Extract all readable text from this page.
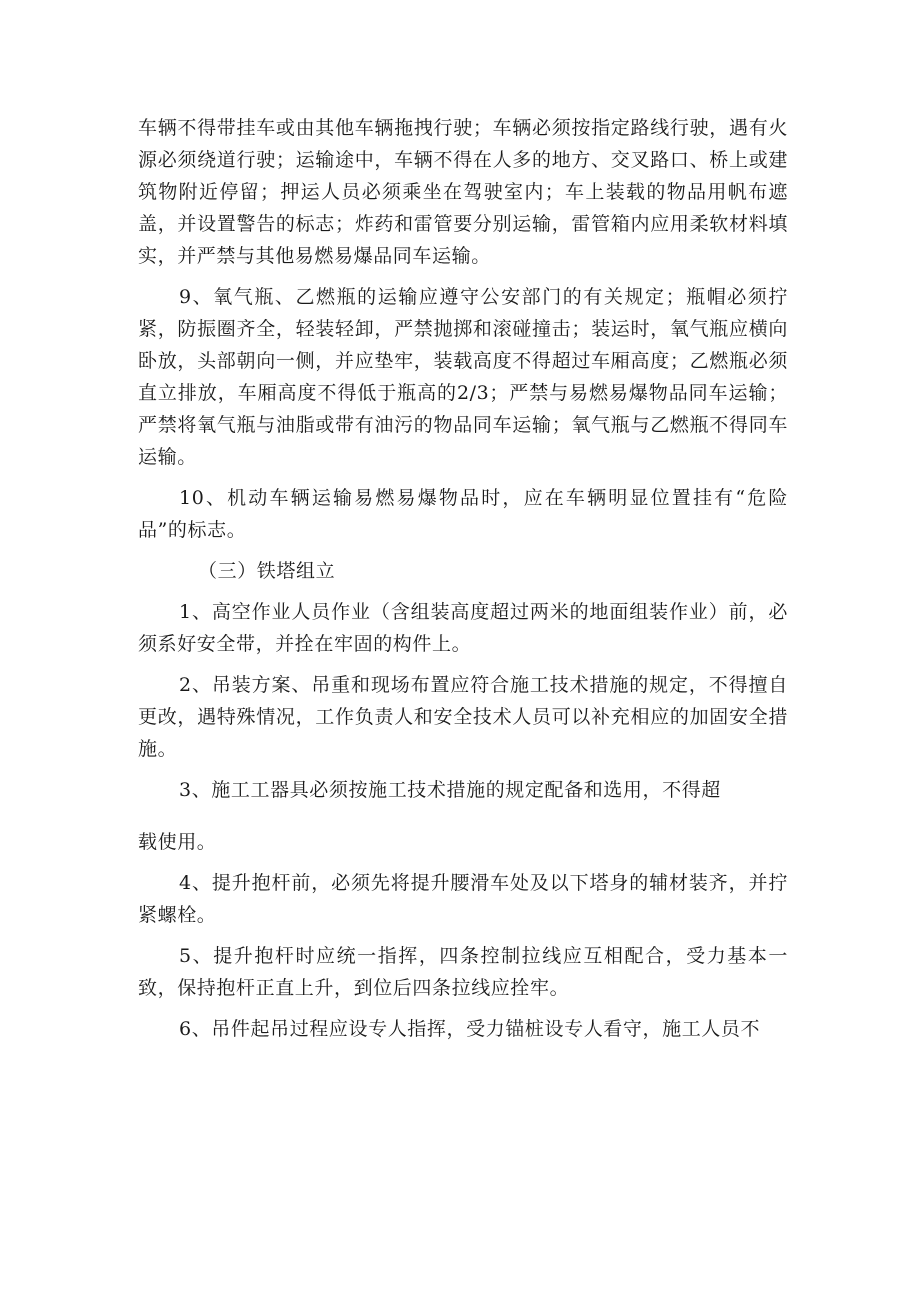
车辆不得带挂车或由其他车辆拖拽行驶；车辆必须按指定路线行驶，遇有火源必须绕道行驶；运输途中，车辆不得在人多的地方、交叉路口、桥上或建筑物附近停留；押运人员必须乘坐在驾驶室内；车上装载的物品用帆布遮盖，并设置警告的标志；炸药和雷管要分别运输，雷管箱内应用柔软材料填实，并严禁与其他易燃易爆品同车运输。

9、氧气瓶、乙燃瓶的运输应遵守公安部门的有关规定；瓶帽必须拧紧，防振圈齐全，轻装轻卸，严禁抛掷和滚碰撞击；装运时，氧气瓶应横向卧放，头部朝向一侧，并应垫牢，装载高度不得超过车厢高度；乙燃瓶必须直立排放，车厢高度不得低于瓶高的2/3；严禁与易燃易爆物品同车运输；严禁将氧气瓶与油脂或带有油污的物品同车运输；氧气瓶与乙燃瓶不得同车运输。

10、机动车辆运输易燃易爆物品时，应在车辆明显位置挂有“危险品”的标志。

（三）铁塔组立

1、高空作业人员作业（含组装高度超过两米的地面组装作业）前，必须系好安全带，并拴在牢固的构件上。

2、吊装方案、吊重和现场布置应符合施工技术措施的规定，不得擅自更改，遇特殊情况，工作负责人和安全技术人员可以补充相应的加固安全措施。

3、施工工器具必须按施工技术措施的规定配备和选用，不得超

载使用。

4、提升抱杆前，必须先将提升腰滑车处及以下塔身的辅材装齐，并拧紧螺栓。

5、提升抱杆时应统一指挥，四条控制拉线应互相配合，受力基本一致，保持抱杆正直上升，到位后四条拉线应拴牢。

6、吊件起吊过程应设专人指挥，受力锚桩设专人看守，施工人员不
